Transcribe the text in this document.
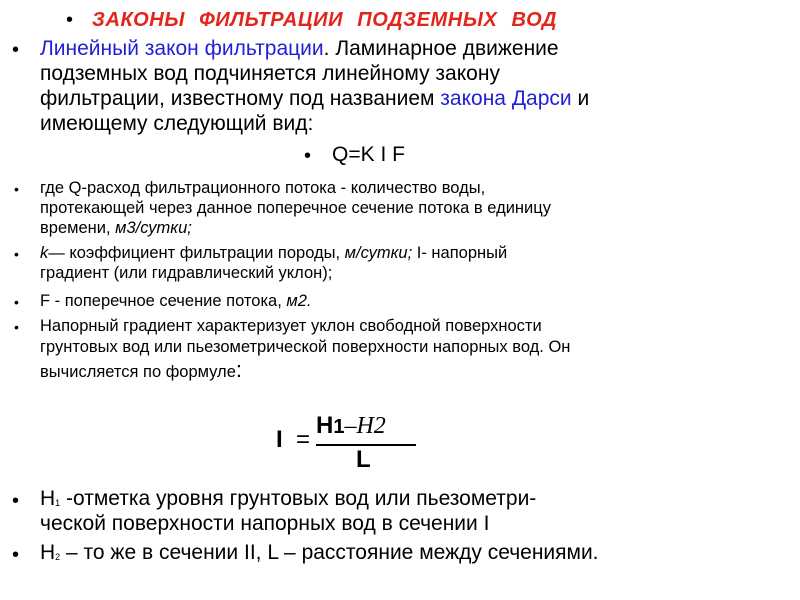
• ЗАКОНЫ ФИЛЬТРАЦИИ ПОДЗЕМНЫХ ВОД
• Линейный закон фильтрации. Ламинарное движение
подземных вод подчиняется линейному закону
фильтрации, известному под названием закона Дарси и
имеющему следующий вид:
• Q=K I F
• где Q-расход фильтрационного потока - количество воды,
протекающей через данное поперечное сечение потока в единицу
времени, м3/сутки;
• k— коэффициент фильтрации породы, м/сутки; I- напорный
градиент (или гидравлический уклон);
• F - поперечное сечение потока, м2.
• Напорный градиент характеризует уклон свободной поверхности
грунтовых вод или пьезометрической поверхности напорных вод. Он
вычисляется по формуле:
I =
H1–H2
L
• $H_1$ -отметка уровня грунтовых вод или пьезометри-
ческой поверхности напорных вод в сечении I
• $H_2$ – то же в сечении II, L – расстояние между сечениями.
